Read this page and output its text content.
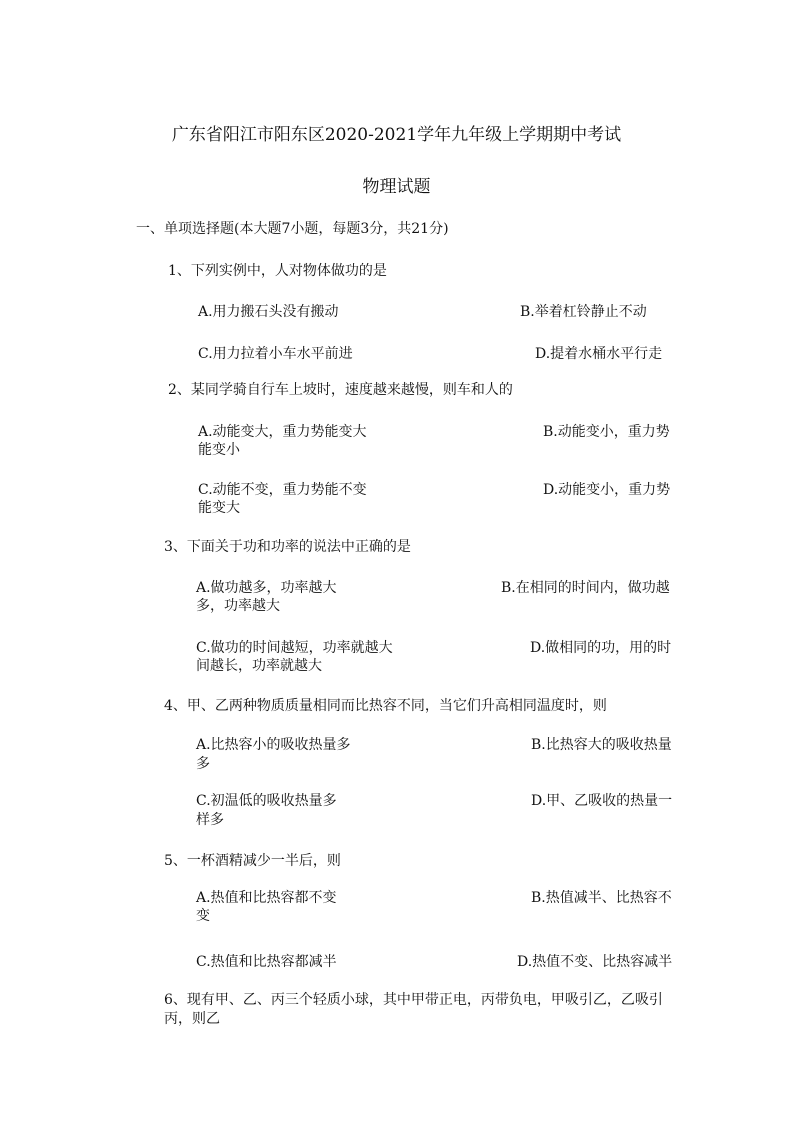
广东省阳江市阳东区2020-2021学年九年级上学期期中考试
物理试题
一、单项选择题(本大题7小题，每题3分，共21分)
1、下列实例中，人对物体做功的是
A.用力搬石头没有搬动	B.举着杠铃静止不动
C.用力拉着小车水平前进	D.提着水桶水平行走
2、某同学骑自行车上坡时，速度越来越慢，则车和人的
A.动能变大，重力势能变大	B.动能变小，重力势
能变小
C.动能不变，重力势能不变	D.动能变小，重力势
能变大
3、下面关于功和功率的说法中正确的是
A.做功越多，功率越大	B.在相同的时间内，做功越
多，功率越大
C.做功的时间越短，功率就越大	D.做相同的功，用的时
间越长，功率就越大
4、甲、乙两种物质质量相同而比热容不同，当它们升高相同温度时，则
A.比热容小的吸收热量多	B.比热容大的吸收热量
多
C.初温低的吸收热量多	D.甲、乙吸收的热量一
样多
5、一杯酒精减少一半后，则
A.热值和比热容都不变	B.热值减半、比热容不
变
C.热值和比热容都减半	D.热值不变、比热容减半
6、现有甲、乙、丙三个轻质小球，其中甲带正电，丙带负电，甲吸引乙，乙吸引
丙，则乙
